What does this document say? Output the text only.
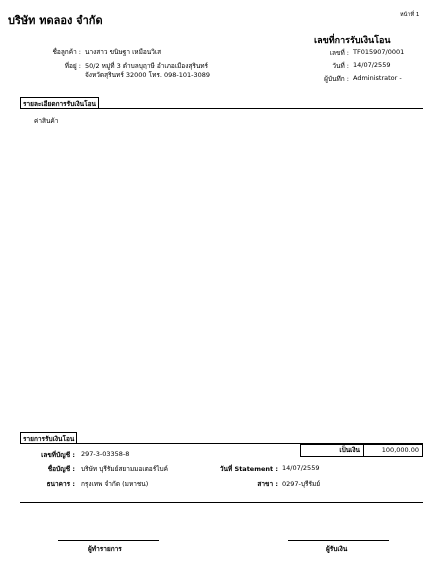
บริษัท ทดลอง จำกัด	หน้าที่ 1
เลขที่การรับเงินโอน
ชื่อลูกค้า : นางสาว ขนิษฐา เหมือนวิเส
ที่อยู่ : 50/2 หมู่ที่ 3 ตำบลบุฤาษี อำเภอเมืองสุรินทร์
จังหวัดสุรินทร์ 32000 โทร. 098-101-3089
เลขที่ : TF015907/0001
วันที่ : 14/07/2559
ผู้บันทึก : Administrator -
รายละเอียดการรับเงินโอน
ค่าสินค้า
รายการรับเงินโอน
เป็นเงิน	100,000.00
เลขที่บัญชี : 297-3-03358-8
ชื่อบัญชี : บริษัท บุรีรัมย์สยามมอเตอร์ไบค์	วันที่ Statement : 14/07/2559
ธนาคาร : กรุงเทพ จำกัด (มหาชน)	สาขา : 0297-บุรีรัมย์
ผู้ทำรายการ	ผู้รับเงิน
